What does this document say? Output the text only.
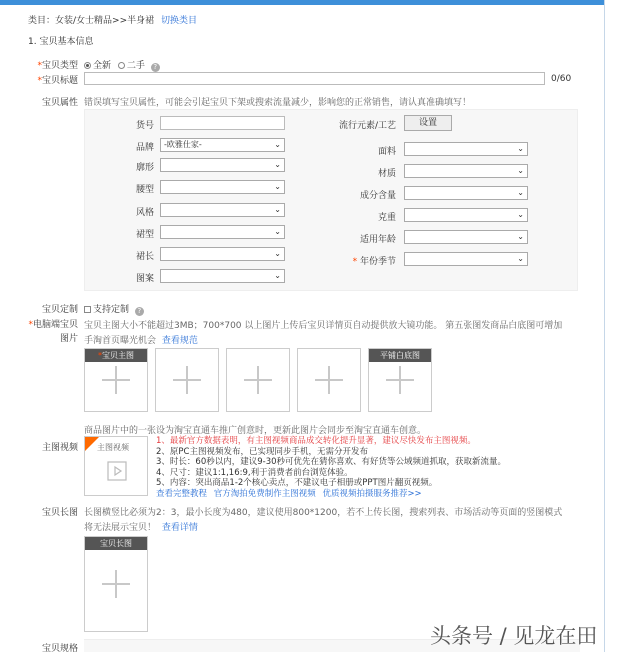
类目：女装/女士精品>>半身裙 切换类目
1. 宝贝基本信息
*宝贝类型	全新 二手 ?
*宝贝标题	0/60
宝贝属性 错误填写宝贝属性，可能会引起宝贝下架或搜索流量减少，影响您的正常销售，请认真准确填写！
货号
品牌	-欧雅仕家-	⌄
廓形	⌄
腰型	⌄
风格	⌄
裙型	⌄
裙长	⌄
图案	⌄
流行元素/工艺	设置
面料	⌄
材质	⌄
成分含量	⌄
克重	⌄
适用年龄	⌄
* 年份季节	⌄
宝贝定制	支持定制 ?
*电脑端宝贝
图片
宝贝主图大小不能超过3MB；700*700 以上图片上传后宝贝详情页自动提供放大镜功能。 第五张图发商品白底图可增加
手淘首页曝光机会 查看规范
*宝贝主图	平铺白底图
商品图片中的一张设为淘宝直通车推广创意时，更新此图片会同步至淘宝直通车创意。
主图视频 主图视频
1、最新官方数据表明，有主图视频商品成交转化提升显著，建议尽快发布主图视频。
2、原PC主图视频发布，已实现同步手机，无需分开发布
3、时长：60秒以内，建议9-30秒可优先在猜你喜欢、有好货等公域频道抓取，获取新流量。
4、尺寸：建议1:1,16:9,利于消费者前台浏览体验。
5、内容：突出商品1-2个核心卖点，不建议电子相册或PPT图片翻页视频。
查看完整教程 官方淘拍免费制作主图视频 优质视频拍摄服务推荐>>
宝贝长图 长图横竖比必须为2：3，最小长度为480，建议使用800*1200，若不上传长图，搜索列表、市场活动等页面的竖图模式
将无法展示宝贝！ 查看详情
宝贝长图
宝贝规格
头条号 / 见龙在田
